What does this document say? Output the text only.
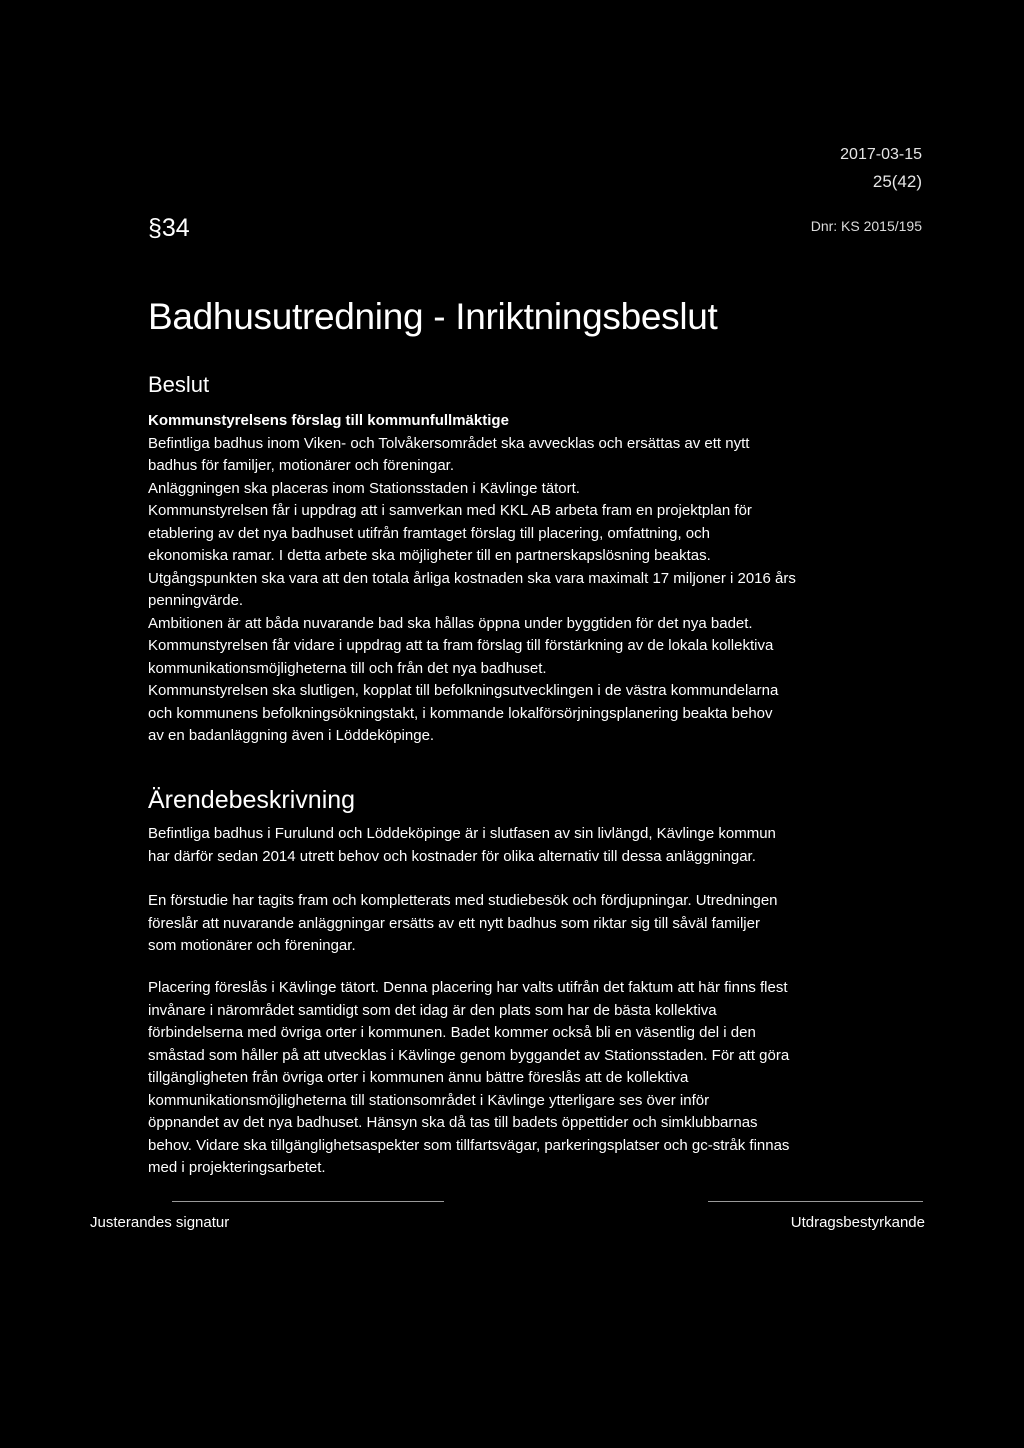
2017-03-15
25(42)
§34	Dnr: KS 2015/195
Badhusutredning - Inriktningsbeslut
Beslut

Kommunstyrelsens förslag till kommunfullmäktige

Befintliga badhus inom Viken- och Tolvåkersområdet ska avvecklas och ersättas av ett nytt

badhus för familjer, motionärer och föreningar.

Anläggningen ska placeras inom Stationsstaden i Kävlinge tätort.

Kommunstyrelsen får i uppdrag att i samverkan med KKL AB arbeta fram en projektplan för

etablering av det nya badhuset utifrån framtaget förslag till placering, omfattning, och

ekonomiska ramar. I detta arbete ska möjligheter till en partnerskapslösning beaktas.

Utgångspunkten ska vara att den totala årliga kostnaden ska vara maximalt 17 miljoner i 2016 års

penningvärde.

Ambitionen är att båda nuvarande bad ska hållas öppna under byggtiden för det nya badet.

Kommunstyrelsen får vidare i uppdrag att ta fram förslag till förstärkning av de lokala kollektiva

kommunikationsmöjligheterna till och från det nya badhuset.

Kommunstyrelsen ska slutligen, kopplat till befolkningsutvecklingen i de västra kommundelarna

och kommunens befolkningsökningstakt, i kommande lokalförsörjningsplanering beakta behov

av en badanläggning även i Löddeköpinge.

Ärendebeskrivning

Befintliga badhus i Furulund och Löddeköpinge är i slutfasen av sin livlängd, Kävlinge kommun

har därför sedan 2014 utrett behov och kostnader för olika alternativ till dessa anläggningar.

En förstudie har tagits fram och kompletterats med studiebesök och fördjupningar. Utredningen

föreslår att nuvarande anläggningar ersätts av ett nytt badhus som riktar sig till såväl familjer

som motionärer och föreningar.

Placering föreslås i Kävlinge tätort. Denna placering har valts utifrån det faktum att här finns flest

invånare i närområdet samtidigt som det idag är den plats som har de bästa kollektiva

förbindelserna med övriga orter i kommunen. Badet kommer också bli en väsentlig del i den

småstad som håller på att utvecklas i Kävlinge genom byggandet av Stationsstaden. För att göra

tillgängligheten från övriga orter i kommunen ännu bättre föreslås att de kollektiva

kommunikationsmöjligheterna till stationsområdet i Kävlinge ytterligare ses över inför

öppnandet av det nya badhuset. Hänsyn ska då tas till badets öppettider och simklubbarnas

behov. Vidare ska tillgänglighetsaspekter som tillfartsvägar, parkeringsplatser och gc-stråk finnas

med i projekteringsarbetet.

Justerandes signatur	Utdragsbestyrkande
